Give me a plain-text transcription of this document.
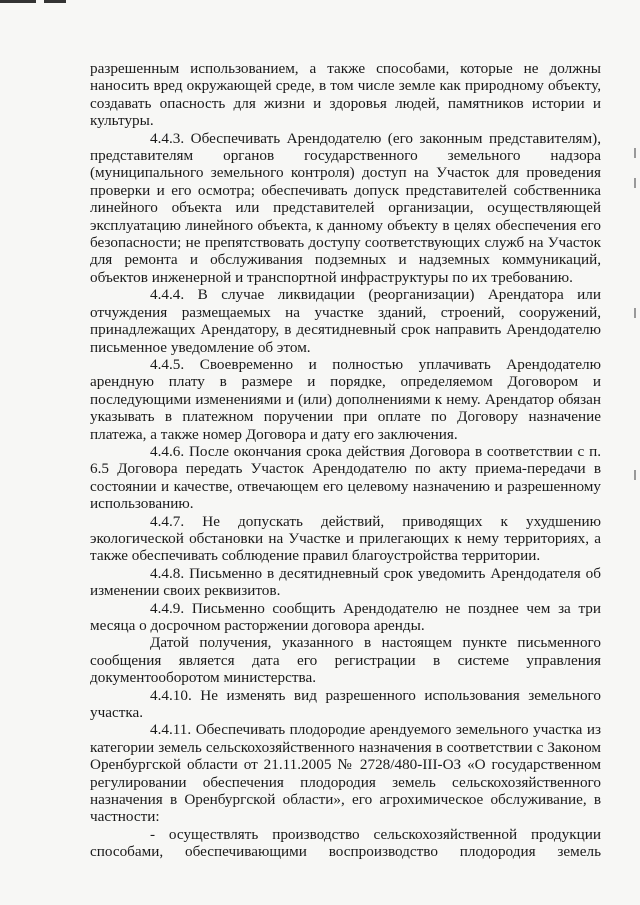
разрешенным использованием, а также способами, которые не должны наносить вред окружающей среде, в том числе земле как природному объекту, создавать опасность для жизни и здоровья людей, памятников истории и культуры.

4.4.3. Обеспечивать Арендодателю (его законным представителям), представителям органов государственного земельного надзора (муниципального земельного контроля) доступ на Участок для проведения проверки и его осмотра; обеспечивать допуск представителей собственника линейного объекта или представителей организации, осуществляющей эксплуатацию линейного объекта, к данному объекту в целях обеспечения его безопасности; не препятствовать доступу соответствующих служб на Участок для ремонта и обслуживания подземных и надземных коммуникаций, объектов инженерной и транспортной инфраструктуры по их требованию.

4.4.4. В случае ликвидации (реорганизации) Арендатора или отчуждения размещаемых на участке зданий, строений, сооружений, принадлежащих Арендатору, в десятидневный срок направить Арендодателю письменное уведомление об этом.

4.4.5. Своевременно и полностью уплачивать Арендодателю арендную плату в размере и порядке, определяемом Договором и последующими изменениями и (или) дополнениями к нему. Арендатор обязан указывать в платежном поручении при оплате по Договору назначение платежа, а также номер Договора и дату его заключения.

4.4.6. После окончания срока действия Договора в соответствии с п. 6.5 Договора передать Участок Арендодателю по акту приема-передачи в состоянии и качестве, отвечающем его целевому назначению и разрешенному использованию.

4.4.7. Не допускать действий, приводящих к ухудшению экологической обстановки на Участке и прилегающих к нему территориях, а также обеспечивать соблюдение правил благоустройства территории.

4.4.8. Письменно в десятидневный срок уведомить Арендодателя об изменении своих реквизитов.

4.4.9. Письменно сообщить Арендодателю не позднее чем за три месяца о досрочном расторжении договора аренды.

Датой получения, указанного в настоящем пункте письменного сообщения является дата его регистрации в системе управления документооборотом министерства.

4.4.10. Не изменять вид разрешенного использования земельного участка.

4.4.11. Обеспечивать плодородие арендуемого земельного участка из категории земель сельскохозяйственного назначения в соответствии с Законом Оренбургской области от 21.11.2005 № 2728/480-III-ОЗ «О государственном регулировании обеспечения плодородия земель сельскохозяйственного назначения в Оренбургской области», его агрохимическое обслуживание, в частности:

- осуществлять производство сельскохозяйственной продукции способами, обеспечивающими воспроизводство плодородия земель
